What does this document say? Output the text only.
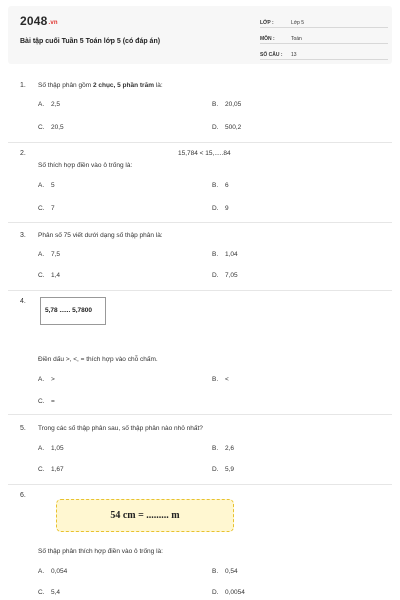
2048.vn
Bài tập cuối Tuần 5 Toán lớp 5 (có đáp án)
LỚP :	Lớp 5
MÔN :	Toán
SỐ CÂU : 13
1. Số thập phân gồm 2 chục, 5 phần trăm là:
A. 2,5	B. 20,05
C. 20,5	D. 500,2
2.	15,784 < 15,.....84
Số thích hợp điền vào ô trống là:
A. 5	B. 6
C. 7	D. 9
3. Phân số 75 viết dưới dạng số thập phân là:
A. 7,5	B. 1,04
C. 1,4	D. 7,05
4.
5,78 ...... 5,7800
Điền dấu >, <, = thích hợp vào chỗ chấm.
A. >	B. <
C. =
5. Trong các số thập phân sau, số thập phân nào nhỏ nhất?
A. 1,05	B. 2,6
C. 1,67	D. 5,9
6.
54 cm = ......... m
Số thập phân thích hợp điền vào ô trống là:
A. 0,054	B. 0,54
C. 5,4	D. 0,0054
